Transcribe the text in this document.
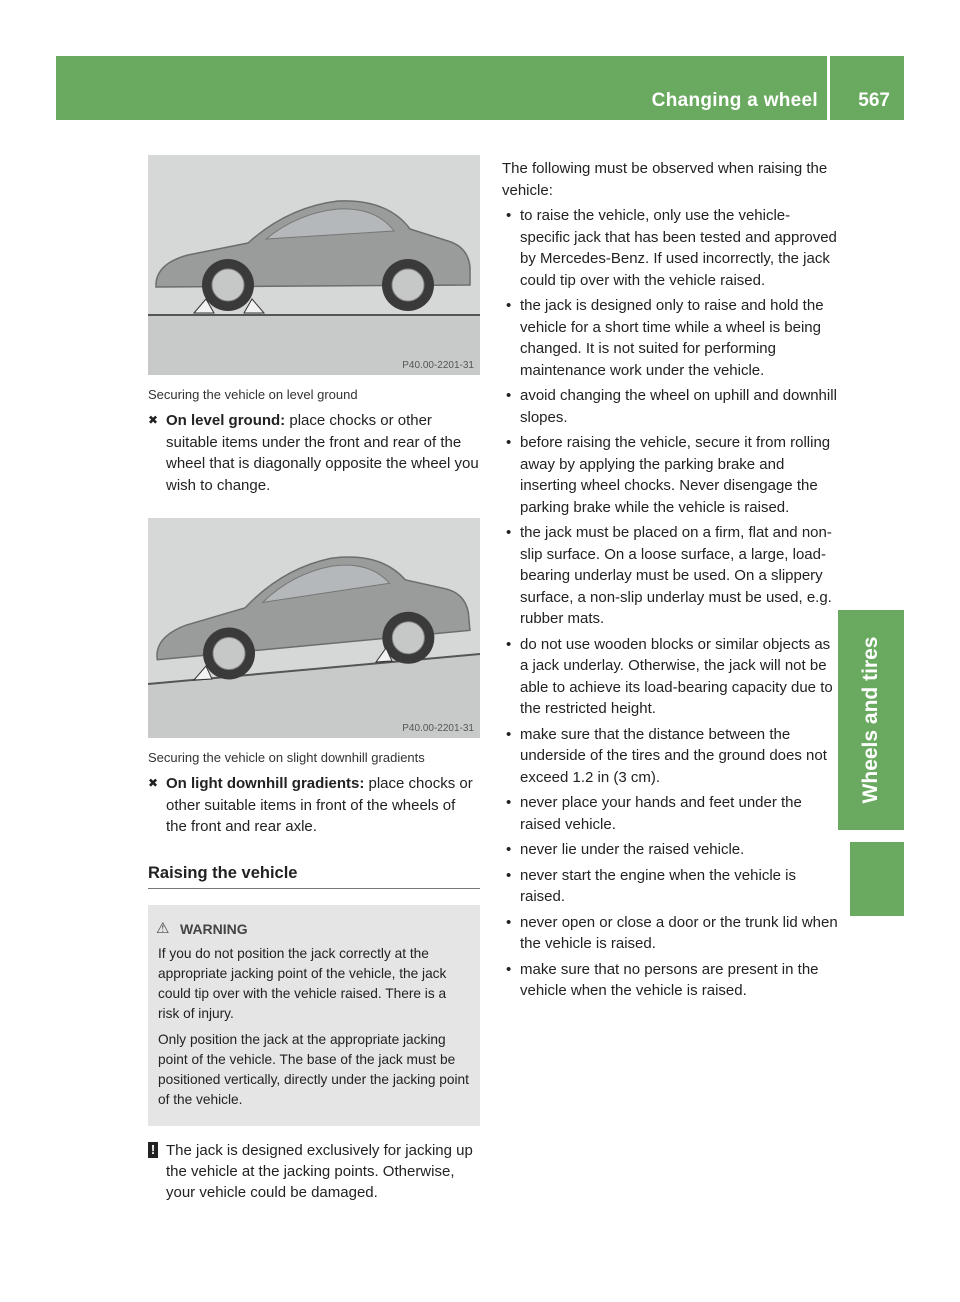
Changing a wheel 567
Wheels and tires
P40.00-2201-31
Securing the vehicle on level ground
✖ On level ground: place chocks or other suitable items under the front and rear of the wheel that is diagonally opposite the wheel you wish to change.
P40.00-2201-31
Securing the vehicle on slight downhill gradients
✖ On light downhill gradients: place chocks or other suitable items in front of the wheels of the front and rear axle.
Raising the vehicle
⚠ WARNING

If you do not position the jack correctly at the appropriate jacking point of the vehicle, the jack could tip over with the vehicle raised. There is a risk of injury.

Only position the jack at the appropriate jacking point of the vehicle. The base of the jack must be positioned vertically, directly under the jacking point of the vehicle.

! The jack is designed exclusively for jacking up the vehicle at the jacking points. Otherwise, your vehicle could be damaged.
The following must be observed when raising the vehicle:
• to raise the vehicle, only use the vehicle-specific jack that has been tested and approved by Mercedes-Benz. If used incorrectly, the jack could tip over with the vehicle raised.
• the jack is designed only to raise and hold the vehicle for a short time while a wheel is being changed. It is not suited for performing maintenance work under the vehicle.
• avoid changing the wheel on uphill and downhill slopes.
• before raising the vehicle, secure it from rolling away by applying the parking brake and inserting wheel chocks. Never disengage the parking brake while the vehicle is raised.
• the jack must be placed on a firm, flat and non-slip surface. On a loose surface, a large, load-bearing underlay must be used. On a slippery surface, a non-slip underlay must be used, e.g. rubber mats.
• do not use wooden blocks or similar objects as a jack underlay. Otherwise, the jack will not be able to achieve its load-bearing capacity due to the restricted height.
• make sure that the distance between the underside of the tires and the ground does not exceed 1.2 in (3 cm).
• never place your hands and feet under the raised vehicle.
• never lie under the raised vehicle.
• never start the engine when the vehicle is raised.
• never open or close a door or the trunk lid when the vehicle is raised.
• make sure that no persons are present in the vehicle when the vehicle is raised.
